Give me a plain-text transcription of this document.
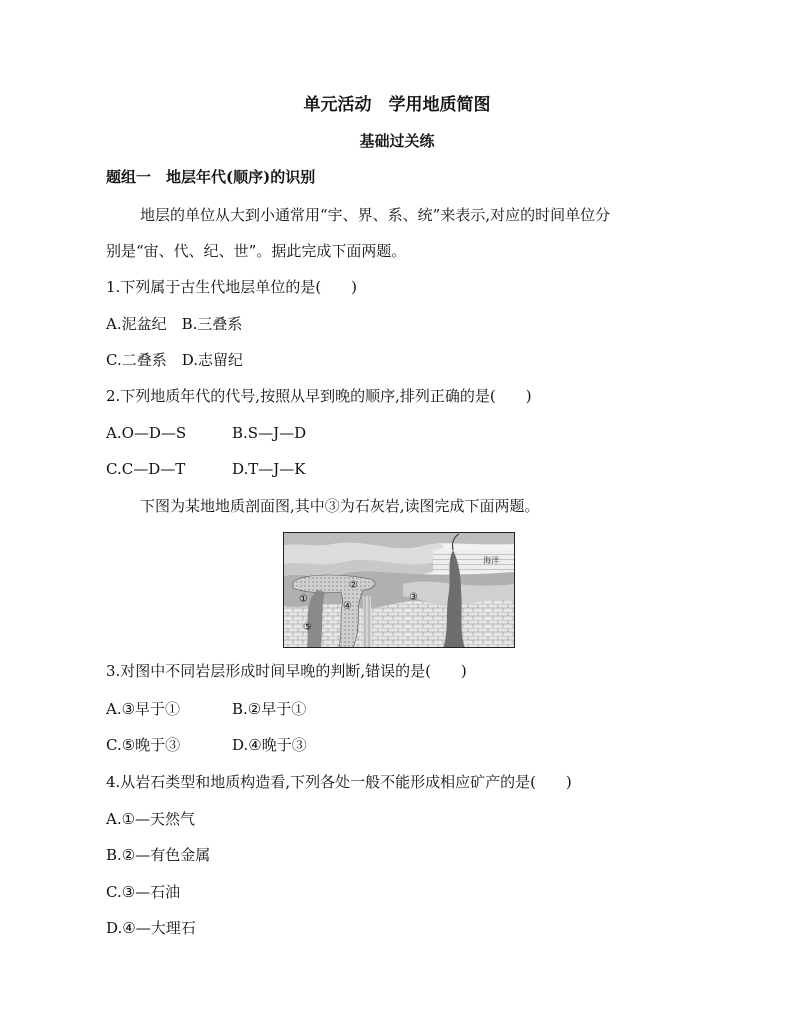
单元活动　学用地质简图
基础过关练
题组一　地层年代(顺序)的识别
地层的单位从大到小通常用“宇、界、系、统”来表示,对应的时间单位分
别是“宙、代、纪、世”。据此完成下面两题。
1.下列属于古生代地层单位的是(　　)
A.泥盆纪　B.三叠系
C.二叠系　D.志留纪
2.下列地质年代的代号,按照从早到晚的顺序,排列正确的是(　　)
A.O—D—S	B.S—J—D
C.C—D—T	D.T—J—K
下图为某地地质剖面图,其中③为石灰岩,读图完成下面两题。
海洋
①
②
③
④
⑤
3.对图中不同岩层形成时间早晚的判断,错误的是(　　)
A.③早于①	B.②早于①
C.⑤晚于③	D.④晚于③
4.从岩石类型和地质构造看,下列各处一般不能形成相应矿产的是(　　)
A.①—天然气
B.②—有色金属
C.③—石油
D.④—大理石
